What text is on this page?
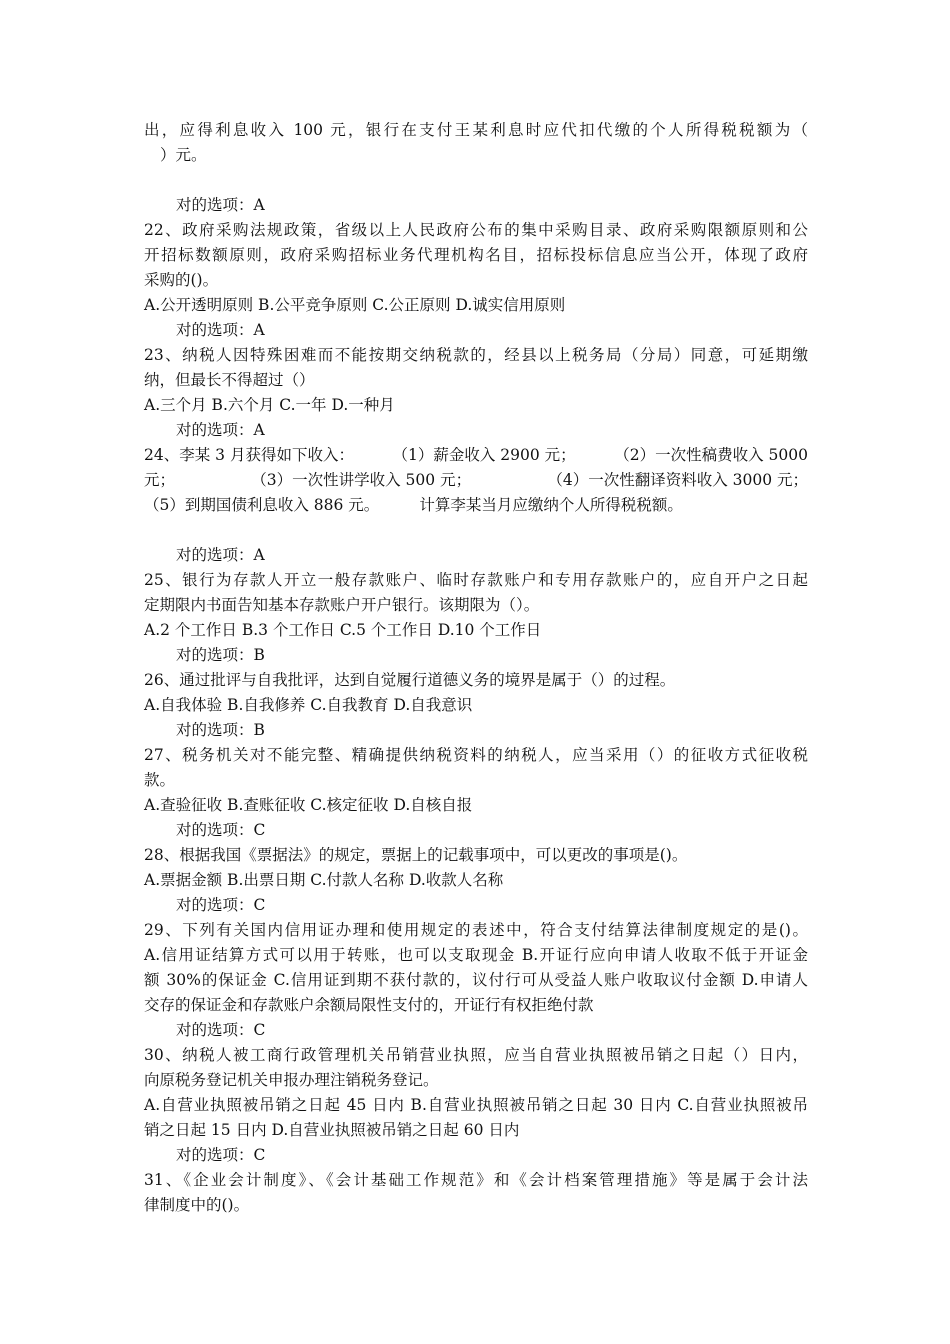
出，应得利息收入 100 元，银行在支付王某利息时应代扣代缴的个人所得税税额为（
）元。
对的选项：A
22、政府采购法规政策，省级以上人民政府公布的集中采购目录、政府采购限额原则和公
开招标数额原则，政府采购招标业务代理机构名目，招标投标信息应当公开，体现了政府
采购的()。
A.公开透明原则 B.公平竞争原则 C.公正原则 D.诚实信用原则
对的选项：A
23、纳税人因特殊困难而不能按期交纳税款的，经县以上税务局（分局）同意，可延期缴
纳，但最长不得超过（）
A.三个月 B.六个月 C.一年 D.一种月
对的选项：A
24、李某 3 月获得如下收入： （1）薪金收入 2900 元； （2）一次性稿费收入 5000
元；	（3）一次性讲学收入 500 元；	（4）一次性翻译资料收入 3000 元；
（5）到期国债利息收入 886 元。	计算李某当月应缴纳个人所得税税额。
对的选项：A
25、银行为存款人开立一般存款账户、临时存款账户和专用存款账户的，应自开户之日起
定期限内书面告知基本存款账户开户银行。该期限为（）。
A.2 个工作日 B.3 个工作日 C.5 个工作日 D.10 个工作日
对的选项：B
26、通过批评与自我批评，达到自觉履行道德义务的境界是属于（）的过程。
A.自我体验 B.自我修养 C.自我教育 D.自我意识
对的选项：B
27、税务机关对不能完整、精确提供纳税资料的纳税人，应当采用（）的征收方式征收税
款。
A.查验征收 B.查账征收 C.核定征收 D.自核自报
对的选项：C
28、根据我国《票据法》的规定，票据上的记载事项中，可以更改的事项是()。
A.票据金额 B.出票日期 C.付款人名称 D.收款人名称
对的选项：C
29、下列有关国内信用证办理和使用规定的表述中，符合支付结算法律制度规定的是()。
A.信用证结算方式可以用于转账，也可以支取现金 B.开证行应向申请人收取不低于开证金
额 30%的保证金 C.信用证到期不获付款的，议付行可从受益人账户收取议付金额 D.申请人
交存的保证金和存款账户余额局限性支付的，开证行有权拒绝付款
对的选项：C
30、纳税人被工商行政管理机关吊销营业执照，应当自营业执照被吊销之日起（）日内，
向原税务登记机关申报办理注销税务登记。
A.自营业执照被吊销之日起 45 日内 B.自营业执照被吊销之日起 30 日内 C.自营业执照被吊
销之日起 15 日内 D.自营业执照被吊销之日起 60 日内
对的选项：C
31、《企业会计制度》、《会计基础工作规范》和《会计档案管理措施》等是属于会计法
律制度中的()。
